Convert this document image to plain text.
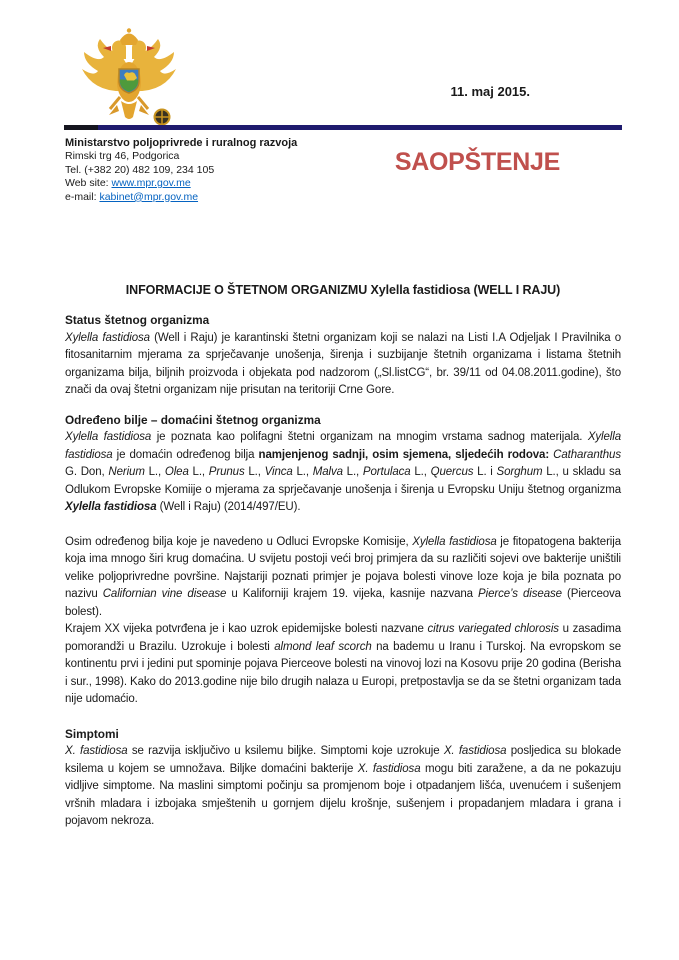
11. maj 2015.
Ministarstvo poljoprivrede i ruralnog razvoja
Rimski trg 46, Podgorica
Tel. (+382 20) 482 109, 234 105
Web site: www.mpr.gov.me
e-mail: kabinet@mpr.gov.me
SAOPŠTENJE
INFORMACIJE O ŠTETNOM ORGANIZMU Xylella fastidiosa (WELL I RAJU)
Status štetnog organizma

Xylella fastidiosa (Well i Raju) je karantinski štetni organizam koji se nalazi na Listi I.A Odjeljak I Pravilnika o fitosanitarnim mjerama za sprječavanje unošenja, širenja i suzbijanje štetnih organizama i listama štetnih organizama bilja, biljnih proizvoda i objekata pod nadzorom („Sl.listCG“, br. 39/11 od 04.08.2011.godine), što znači da ovaj štetni organizam nije prisutan na teritoriji Crne Gore.

Određeno bilje – domaćini štetnog organizma

Xylella fastidiosa je poznata kao polifagni štetni organizam na mnogim vrstama sadnog materijala. Xylella fastidiosa je domaćin određenog bilja namjenjenog sadnji, osim sjemena, sljedećih rodova: Catharanthus G. Don, Nerium L., Olea L., Prunus L., Vinca L., Malva L., Portulaca L., Quercus L. i Sorghum L., u skladu sa Odlukom Evropske Komiije o mjerama za sprječavanje unošenja i širenja u Evropsku Uniju štetnog organizma Xylella fastidiosa (Well i Raju) (2014/497/EU).

Osim određenog bilja koje je navedeno u Odluci Evropske Komisije, Xylella fastidiosa je fitopatogena bakterija koja ima mnogo širi krug domaćina. U svijetu postoji veći broj primjera da su različiti sojevi ove bakterije uništili velike poljoprivredne površine. Najstariji poznati primjer je pojava bolesti vinove loze koja je bila poznata po nazivu Californian vine disease u Kaliforniji krajem 19. vijeka, kasnije nazvana Pierce’s disease (Pierceova bolest).

Krajem XX vijeka potvrđena je i kao uzrok epidemijske bolesti nazvane citrus variegated chlorosis u zasadima pomorandži u Brazilu. Uzrokuje i bolesti almond leaf scorch na bademu u Iranu i Turskoj. Na evropskom se kontinentu prvi i jedini put spominje pojava Pierceove bolesti na vinovoj lozi na Kosovu prije 20 godina (Berisha i sur., 1998). Kako do 2013.godine nije bilo drugih nalaza u Europi, pretpostavlja se da se štetni organizam tada nije udomaćio.

Simptomi

X. fastidiosa se razvija isključivo u ksilemu biljke. Simptomi koje uzrokuje X. fastidiosa posljedica su blokade ksilema u kojem se umnožava. Biljke domaćini bakterije X. fastidiosa mogu biti zaražene, a da ne pokazuju vidljive simptome. Na maslini simptomi počinju sa promjenom boje i otpadanjem lišća, uvenućem i sušenjem vršnih mladara i izbojaka smještenih u gornjem dijelu krošnje, sušenjem i propadanjem mladara i grana i pojavom nekroza.
